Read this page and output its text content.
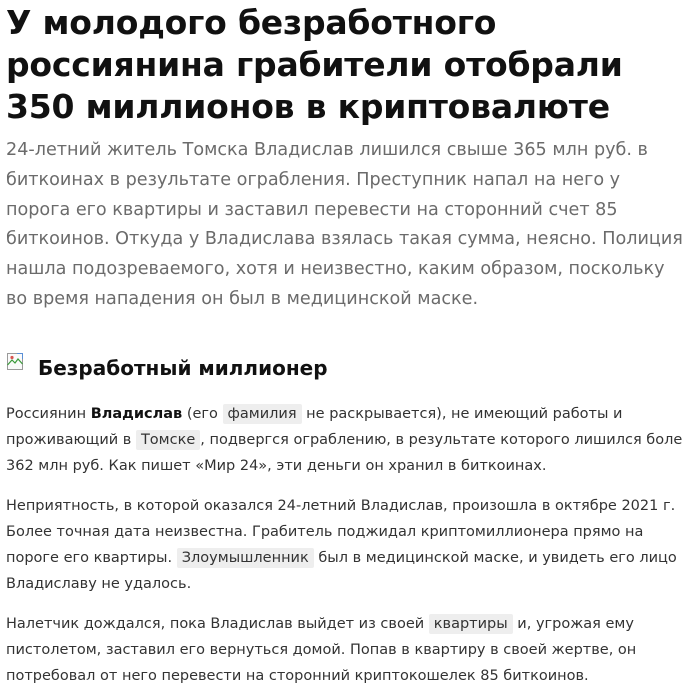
У молодого безработного россиянина грабители отобрали 350 миллионов в криптовалюте

24-летний житель Томска Владислав лишился свыше 365 млн руб. в биткоинах в результате ограбления. Преступник напал на него у порога его квартиры и заставил перевести на сторонний счет 85 биткоинов. Откуда у Владислава взялась такая сумма, неясно. Полиция нашла подозреваемого, хотя и неизвестно, каким образом, поскольку во время нападения он был в медицинской маске.

Безработный миллионер

Россиянин Владислав (его фамилия не раскрывается), не имеющий работы и проживающий в Томске , подвергся ограблению, в результате которого лишился боле 362 млн руб. Как пишет «Мир 24», эти деньги он хранил в биткоинах.

Неприятность, в которой оказался 24-летний Владислав, произошла в октябре 2021 г. Более точная дата неизвестна. Грабитель поджидал криптомиллионера прямо на пороге его квартиры. Злоумышленник был в медицинской маске, и увидеть его лицо Владиславу не удалось.

Налетчик дождался, пока Владислав выйдет из своей квартиры и, угрожая ему пистолетом, заставил его вернуться домой. Попав в квартиру в своей жертве, он потребовал от него перевести на сторонний криптокошелек 85 биткоинов.
